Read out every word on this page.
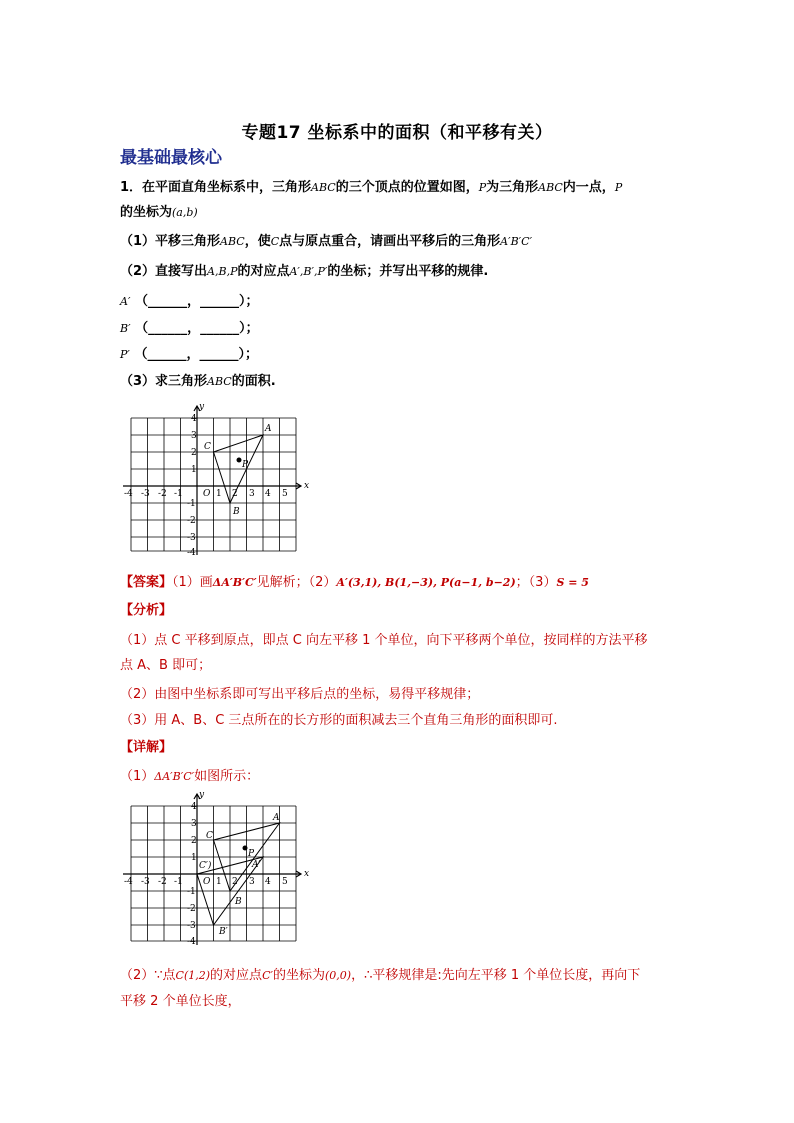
专题17 坐标系中的面积（和平移有关）
最基础最核心
1．在平面直角坐标系中，三角形ABC的三个顶点的位置如图，P为三角形ABC内一点，P
的坐标为(a,b)
（1）平移三角形ABC，使C点与原点重合，请画出平移后的三角形A′B′C′
（2）直接写出A,B,P的对应点A′,B′,P′的坐标；并写出平移的规律.
A′ （______，______）；
B′ （______，______）；
P′ （______，______）；
（3）求三角形ABC的面积.
x
y
O
-4 -3 -2 -1	1 2 3 4 5
4
3
2
1
-1
-2
-3
-4
A
B
C
P
【答案】（1）画ΔA′B′C′见解析；（2）A′(3,1), B(1,−3), P(a−1, b−2)；（3）S = 5
【分析】
（1）点 C 平移到原点，即点 C 向左平移 1 个单位，向下平移两个单位，按同样的方法平移
点 A、B 即可；
（2）由图中坐标系即可写出平移后点的坐标，易得平移规律；
（3）用 A、B、C 三点所在的长方形的面积减去三个直角三角形的面积即可.
【详解】
（1）ΔA′B′C′如图所示：
x
y
O
-4 -3 -2 -1	1 2 3 4 5
4
3
2
1
-1
-2
-3
-4
A
B
C
P
A′
B′
C′)
（2）∵点C(1,2)的对应点C′的坐标为(0,0)，∴平移规律是:先向左平移 1 个单位长度，再向下
平移 2 个单位长度，
